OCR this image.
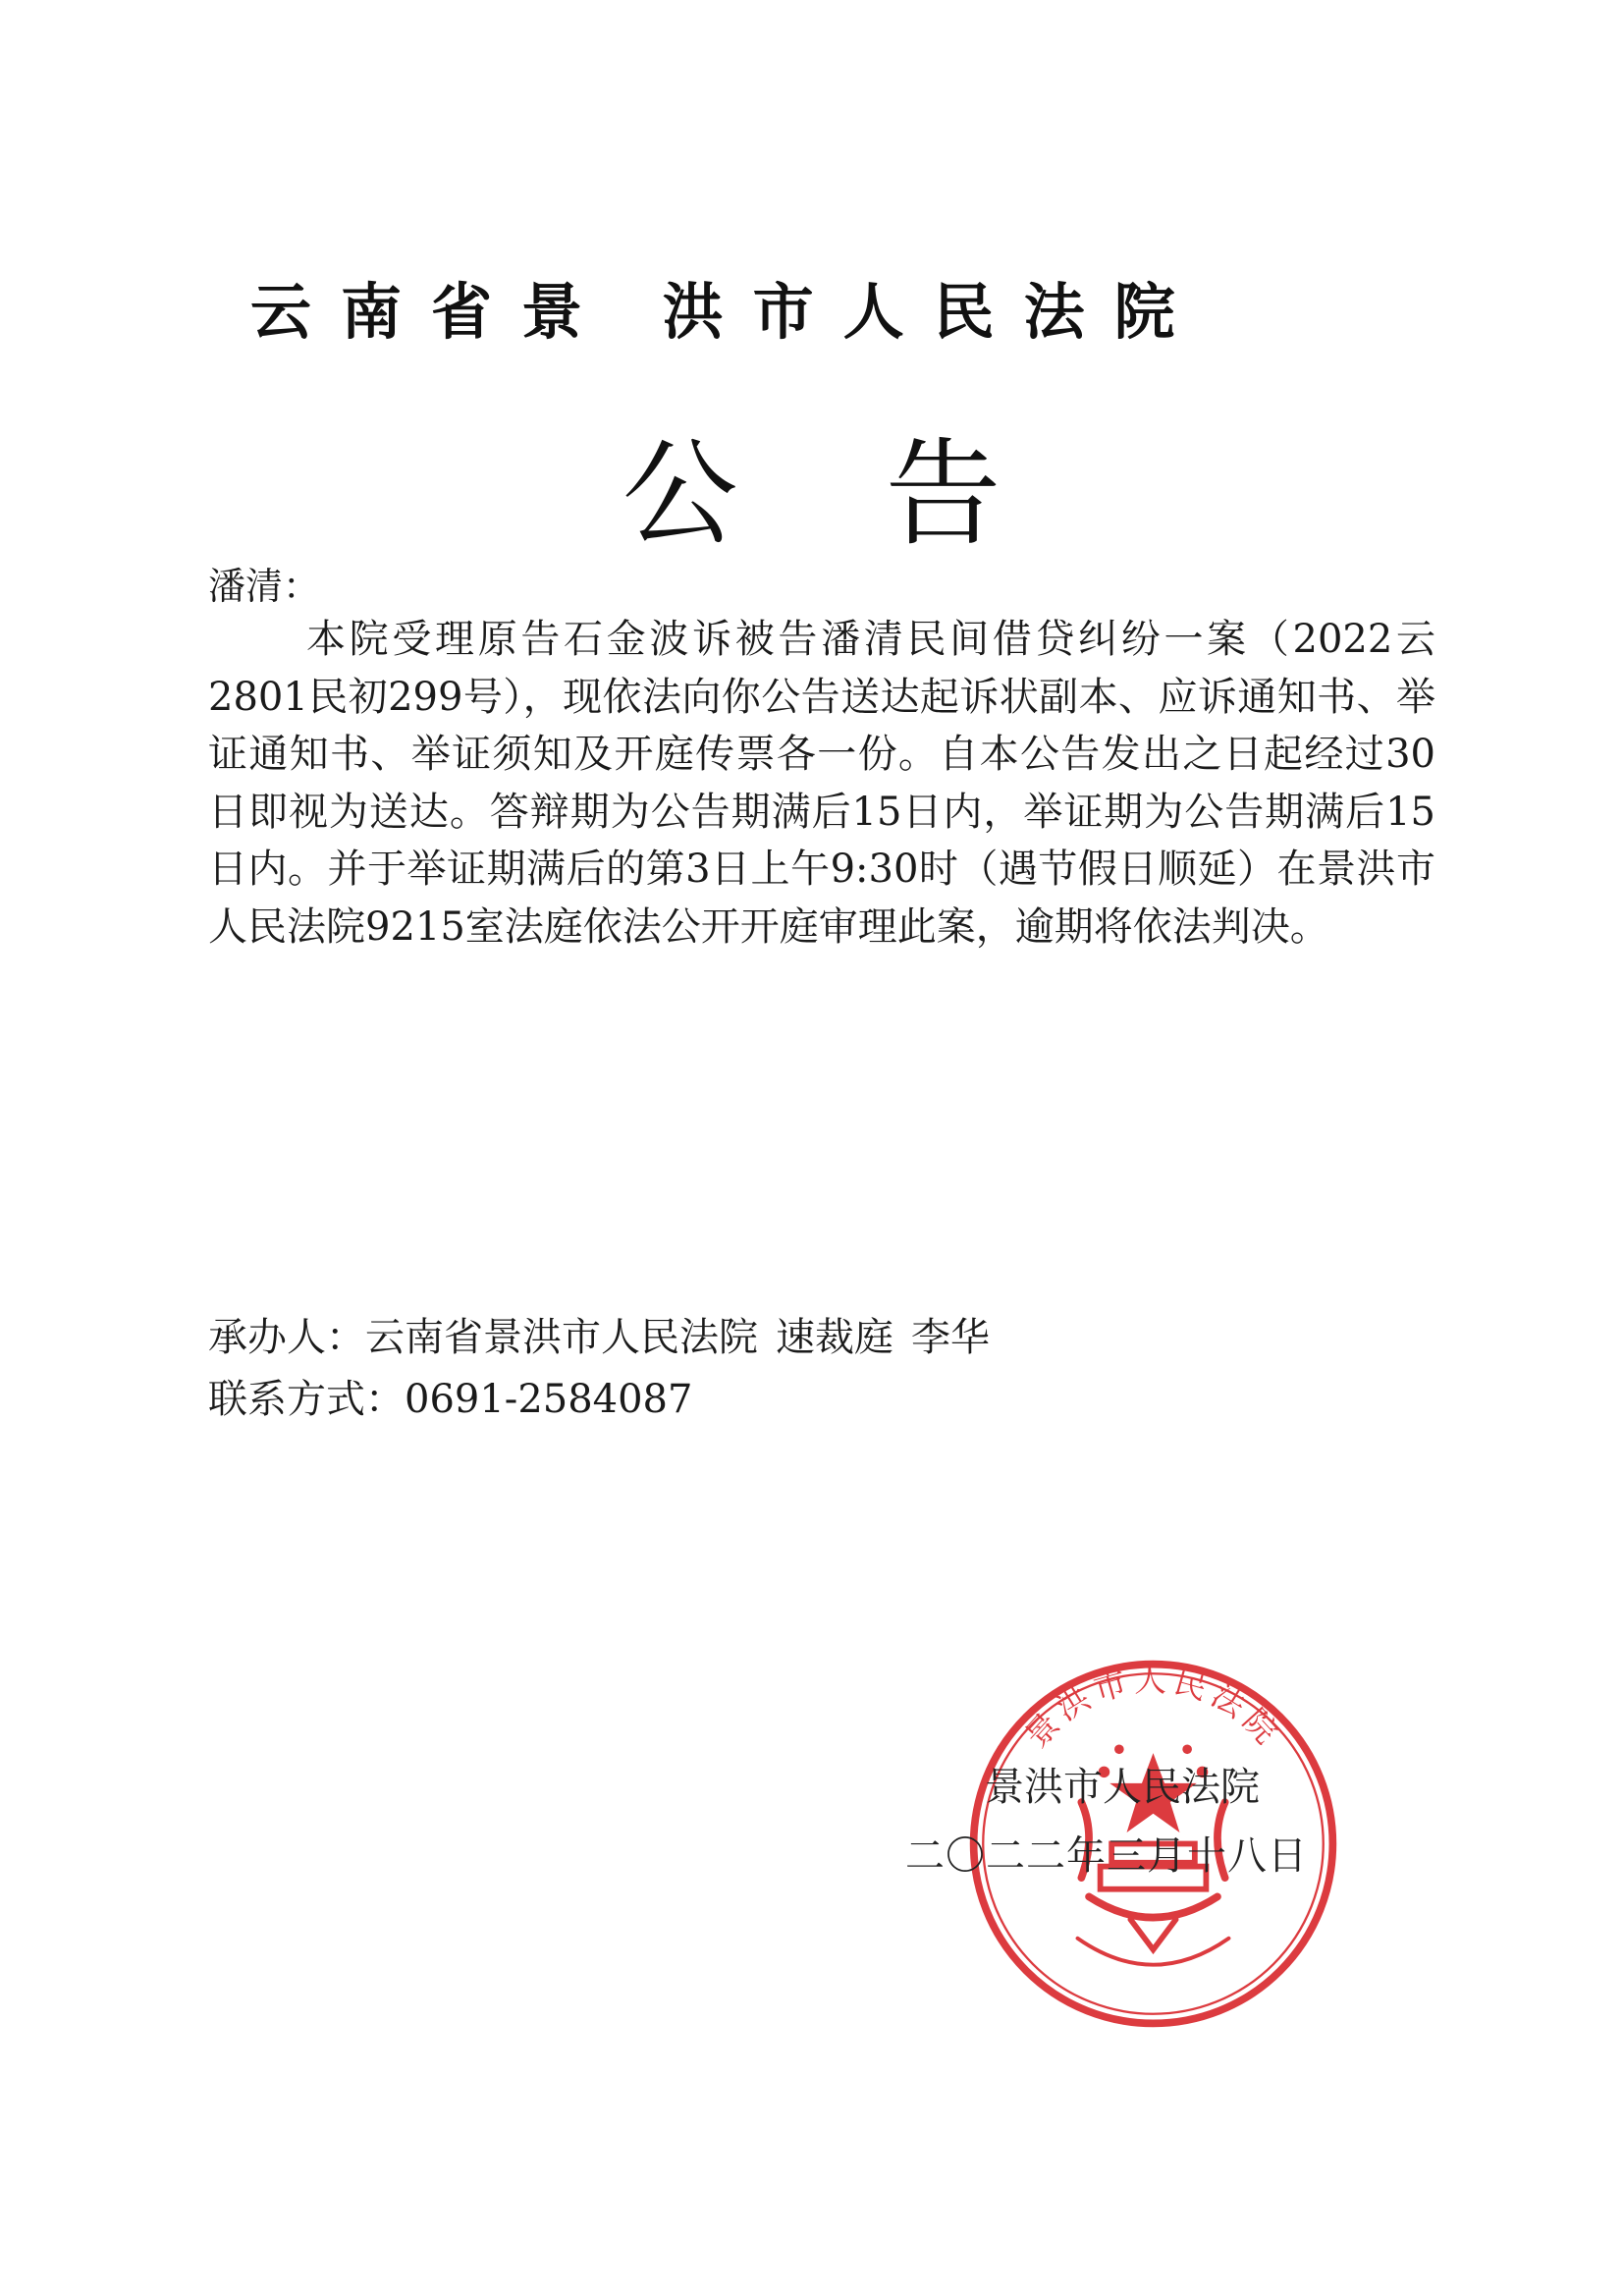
云南省景 洪市人民法院
公告
潘清：
本院受理原告石金波诉被告潘清民间借贷纠纷一案（2022云2801民初299号），现依法向你公告送达起诉状副本、应诉通知书、举证通知书、举证须知及开庭传票各一份。自本公告发出之日起经过30日即视为送达。答辩期为公告期满后15日内，举证期为公告期满后15日内。并于举证期满后的第3日上午9:30时（遇节假日顺延）在景洪市人民法院9215室法庭依法公开开庭审理此案，逾期将依法判决。
承办人：云南省景洪市人民法院 速裁庭 李华
联系方式：0691-2584087
景洪市人民法院
景洪市人民法院
二〇二二年三月十八日
